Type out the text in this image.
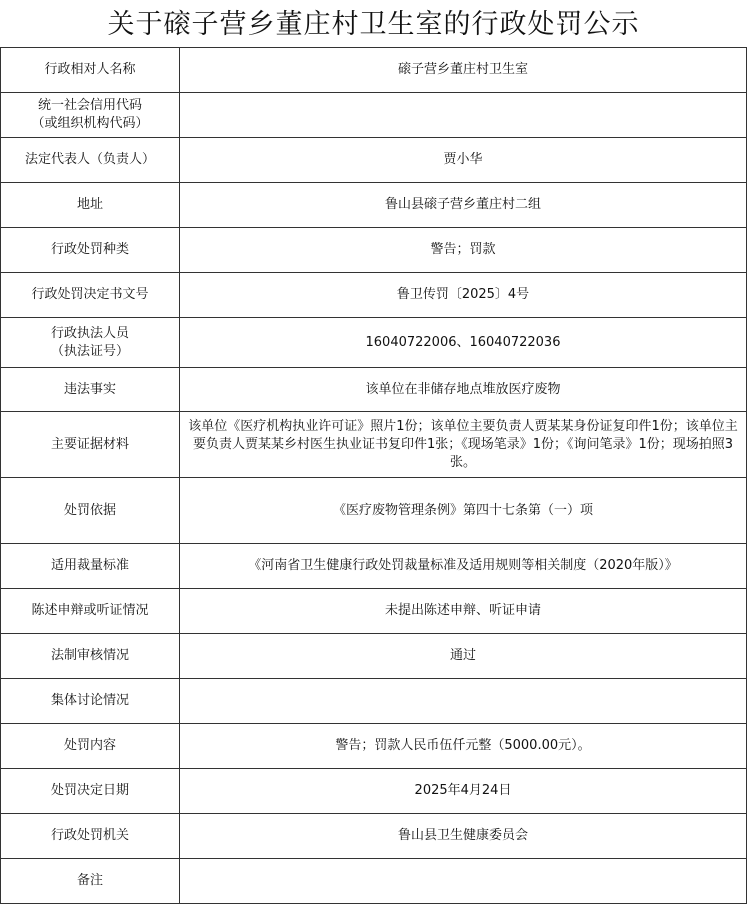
关于磙子营乡董庄村卫生室的行政处罚公示
行政相对人名称	磙子营乡董庄村卫生室

统一社会信用代码
（或组织机构代码）	

法定代表人（负责人）	贾小华

地址	鲁山县磙子营乡董庄村二组

行政处罚种类	警告；罚款

行政处罚决定书文号	鲁卫传罚〔2025〕4号

行政执法人员
（执法证号）	16040722006、16040722036

违法事实	该单位在非储存地点堆放医疗废物

主要证据材料	该单位《医疗机构执业许可证》照片1份；该单位主要负责人贾某某身份证复印件1份；该单位主要负责人贾某某乡村医生执业证书复印件1张；《现场笔录》1份；《询问笔录》1份；现场拍照3张。

处罚依据	《医疗废物管理条例》第四十七条第（一）项

适用裁量标准	《河南省卫生健康行政处罚裁量标准及适用规则等相关制度（2020年版）》

陈述申辩或听证情况	未提出陈述申辩、听证申请

法制审核情况	通过

集体讨论情况	

处罚内容	警告；罚款人民币伍仟元整（5000.00元）。

处罚决定日期	2025年4月24日

行政处罚机关	鲁山县卫生健康委员会

备注	
